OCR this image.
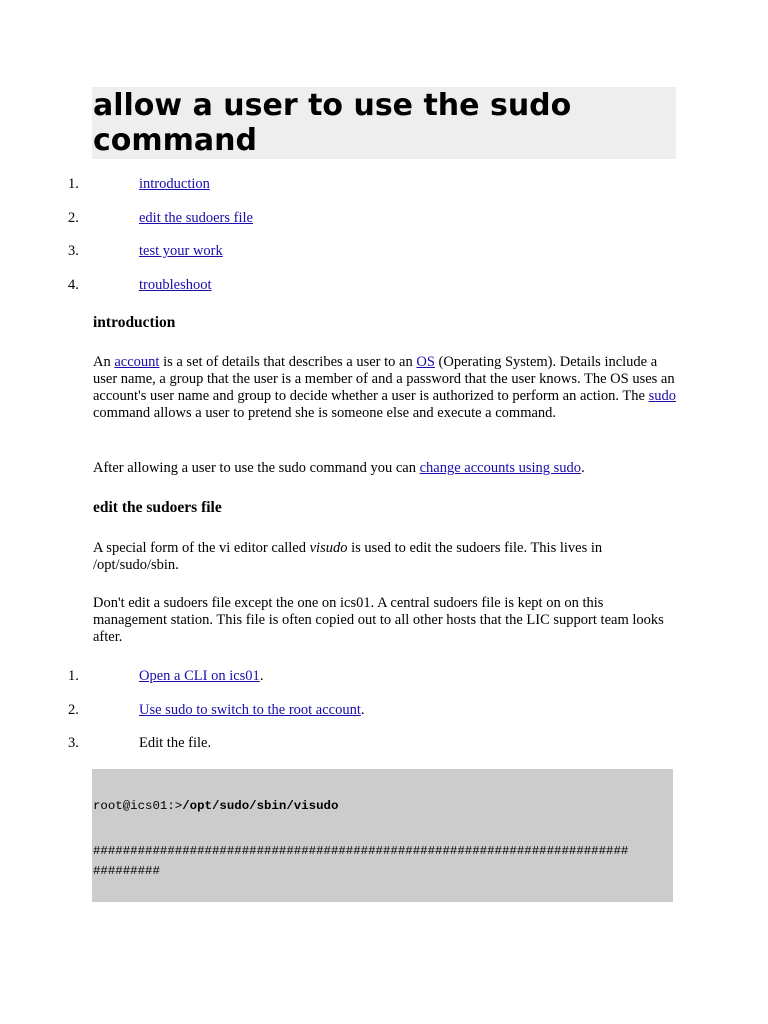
allow a user to use the sudo command
1.	introduction
2.	edit the sudoers file
3.	test your work
4.	troubleshoot
introduction

An account is a set of details that describes a user to an OS (Operating System). Details include a user name, a group that the user is a member of and a password that the user knows. The OS uses an account's user name and group to decide whether a user is authorized to perform an action. The sudo command allows a user to pretend she is someone else and execute a command.

After allowing a user to use the sudo command you can change accounts using sudo.

edit the sudoers file

A special form of the vi editor called visudo is used to edit the sudoers file. This lives in /opt/sudo/sbin.

Don't edit a sudoers file except the one on ics01. A central sudoers file is kept on on this management station. This file is often copied out to all other hosts that the LIC support team looks after.

1.	Open a CLI on ics01.
2.	Use sudo to switch to the root account.
3.	Edit the file.
root@ics01:>/opt/sudo/sbin/visudo
########################################################################
#########
